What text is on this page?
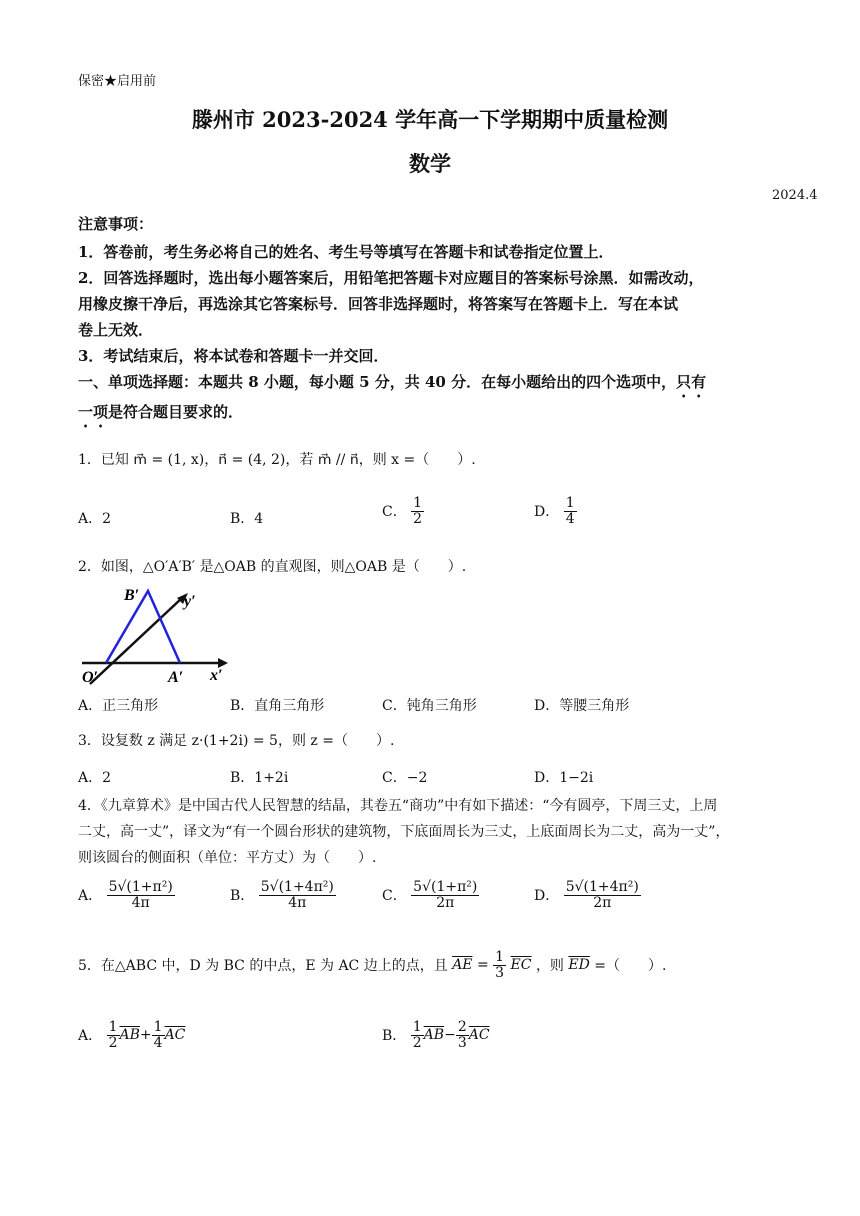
保密★启用前
滕州市 2023-2024 学年高一下学期期中质量检测
数学
2024.4
注意事项：
1．答卷前，考生务必将自己的姓名、考生号等填写在答题卡和试卷指定位置上．
2．回答选择题时，选出每小题答案后，用铅笔把答题卡对应题目的答案标号涂黑．如需改动，
用橡皮擦干净后，再选涂其它答案标号．回答非选择题时，将答案写在答题卡上．写在本试
卷上无效．
3．考试结束后，将本试卷和答题卡一并交回．
一、单项选择题：本题共 8 小题，每小题 5 分，共 40 分．在每小题给出的四个选项中，只有
一项是符合题目要求的．
1．已知 m⃗ = (1, x)，n⃗ = (4, 2)，若 m⃗ // n⃗，则 x =（　　）.
A．2	B．4	C． $\frac{1}{2}$	D． $\frac{1}{4}$
2．如图，△O′A′B′ 是△OAB 的直观图，则△OAB 是（　　）.
B′	y′
O′	A′ x′
A．正三角形	B．直角三角形	C．钝角三角形	D．等腰三角形
3．设复数 z 满足 z·(1+2i) = 5，则 z =（　　）.
A．2	B．1+2i	C．−2	D．1−2i
4．《九章算术》是中国古代人民智慧的结晶，其卷五“商功”中有如下描述：“今有圆亭，下周三丈，上周
二丈，高一丈”，译文为“有一个圆台形状的建筑物，下底面周长为三丈，上底面周长为二丈，高为一丈”，
则该圆台的侧面积（单位：平方丈）为（　　）.
A． $\frac{\text{5√(1+π²)}}{4\pi}$	B． $\frac{\text{5√(1+4π²)}}{4\pi}$	C． $\frac{\text{5√(1+π²)}}{2\pi}$	D． $\frac{\text{5√(1+4π²)}}{2\pi}$
5．在△ABC 中，D 为 BC 的中点，E 为 AC 边上的点，且 $\overline{AE} = \frac{1}{3} \overline{EC}$ ，则 $\overline{ED}$ =（　　）.
A． $\frac{1}{2} \overline{AB}+ \frac{1}{4} \overline{AC}$	B． $\frac{1}{2} \overline{AB}- \frac{2}{3} \overline{AC}$
